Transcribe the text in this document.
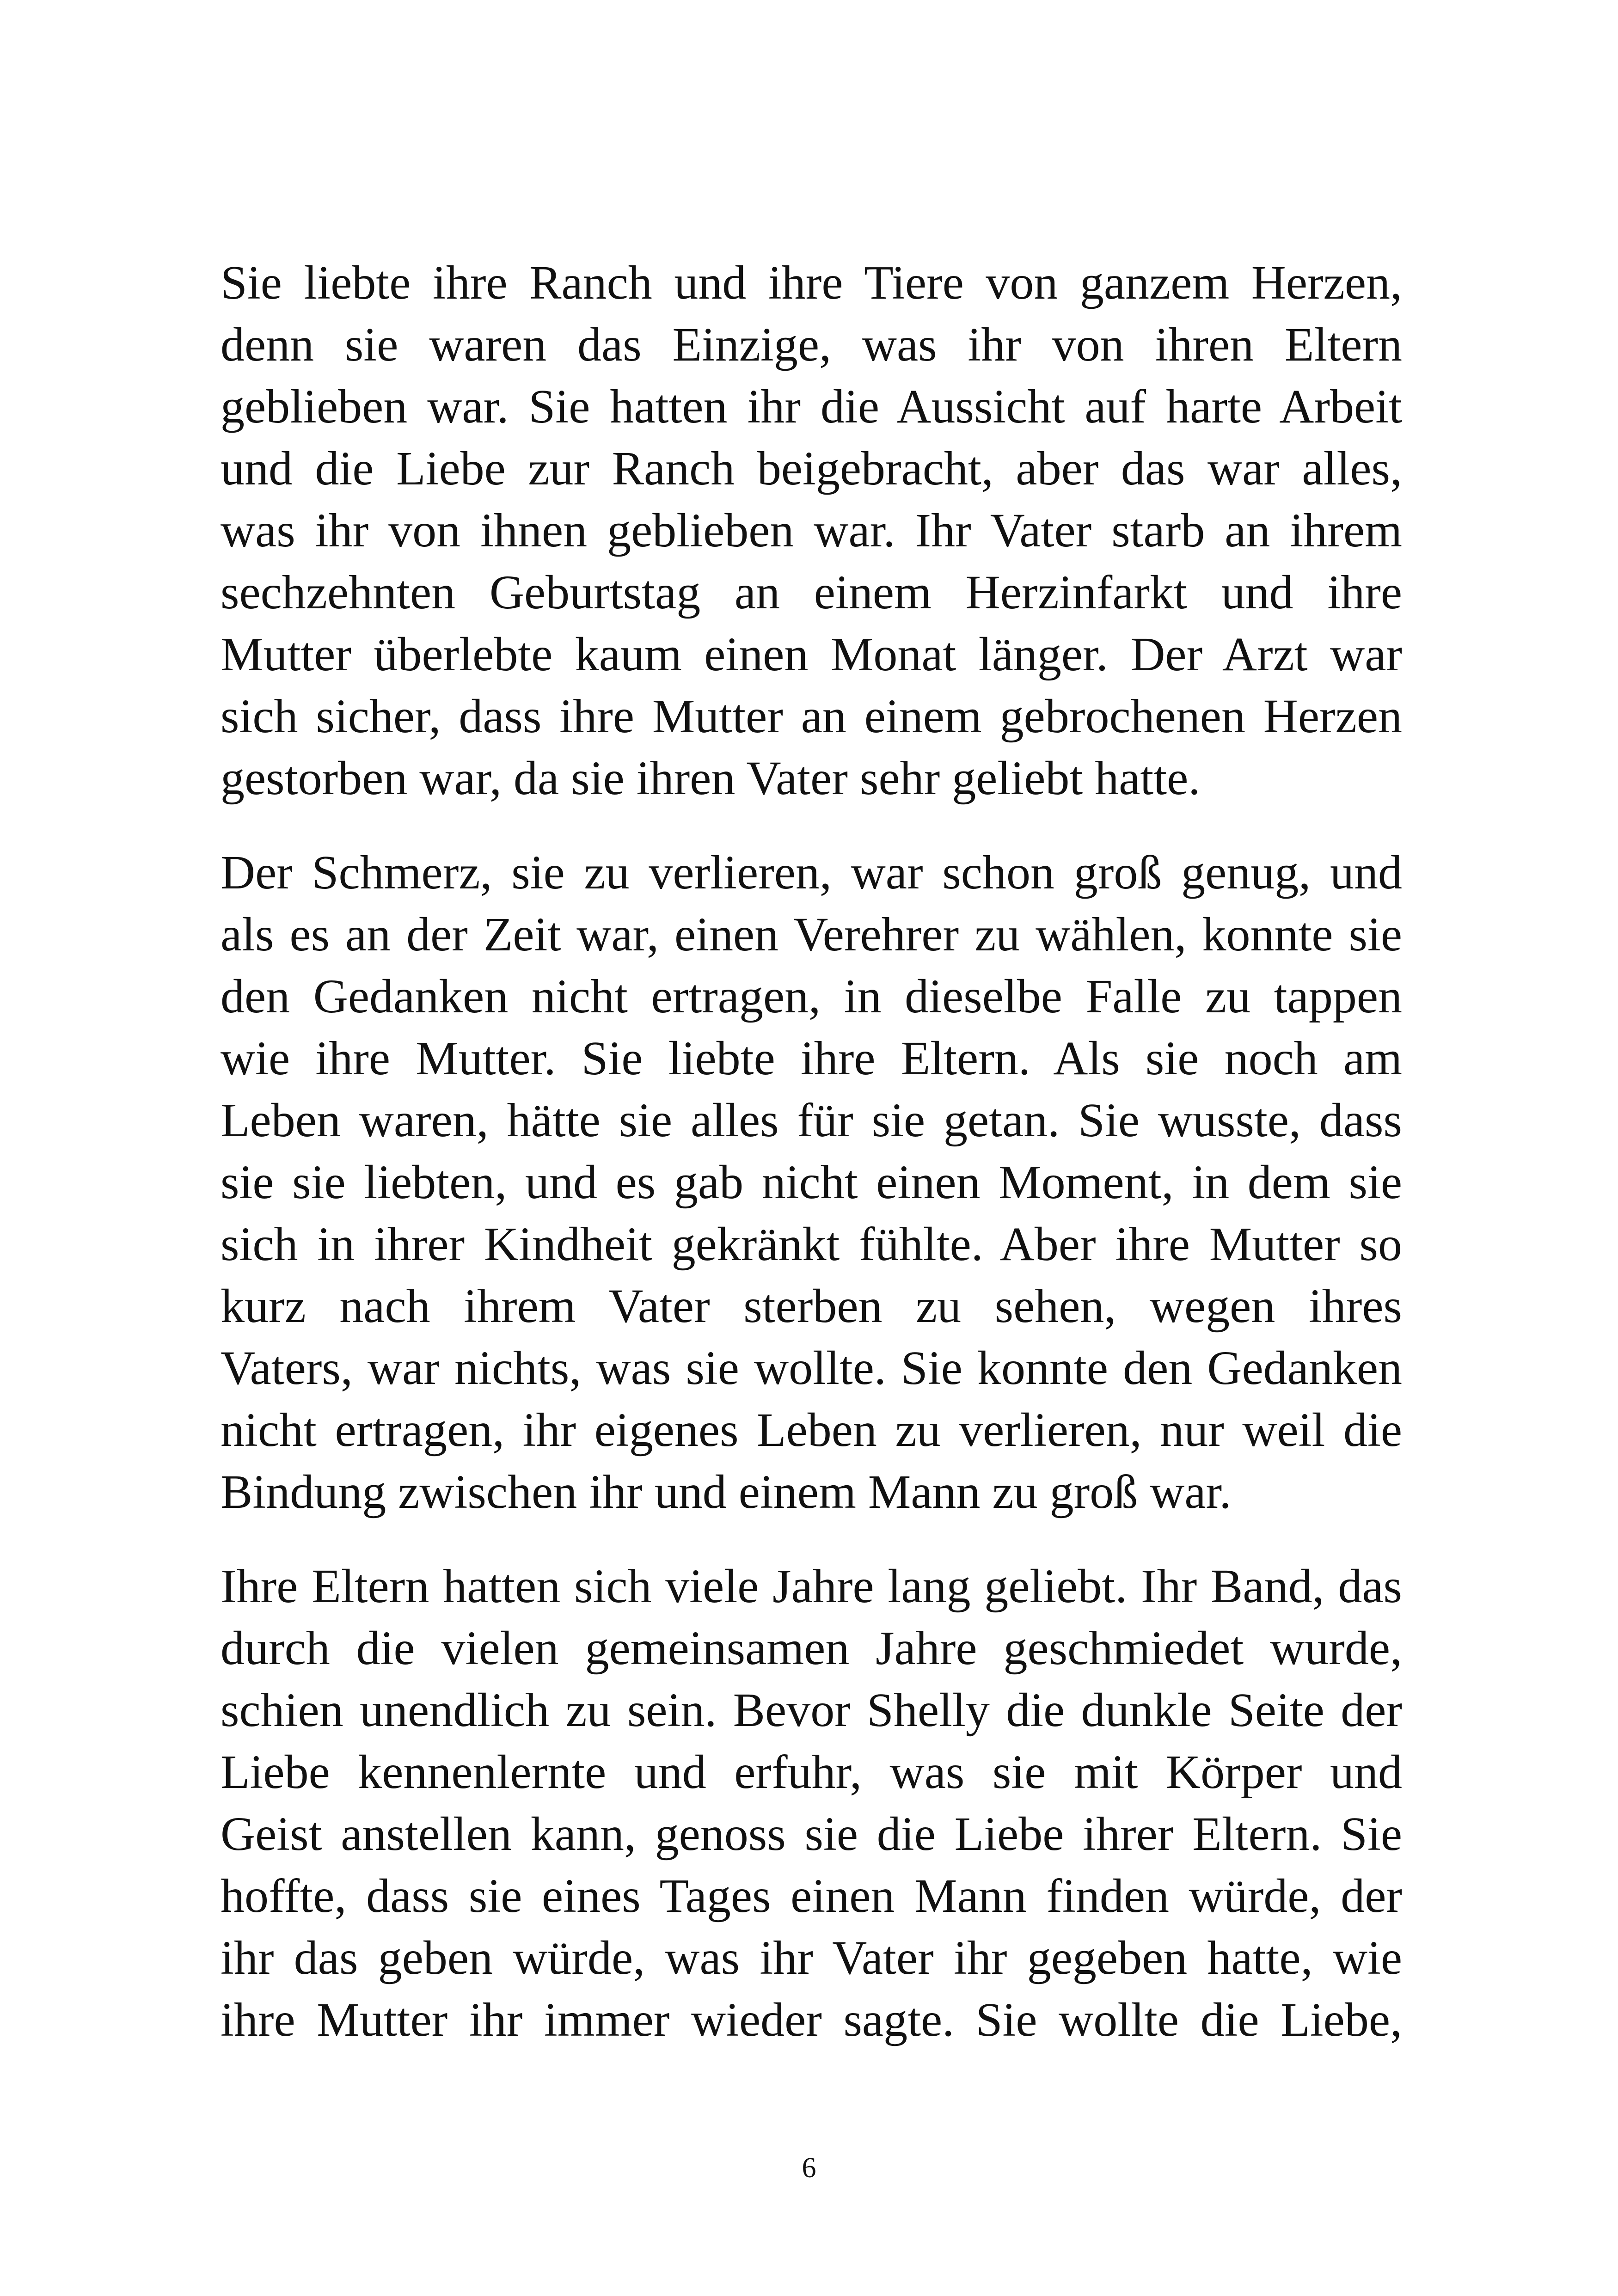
Sie liebte ihre Ranch und ihre Tiere von ganzem Herzen,
denn sie waren das Einzige, was ihr von ihren Eltern
geblieben war. Sie hatten ihr die Aussicht auf harte Arbeit
und die Liebe zur Ranch beigebracht, aber das war alles,
was ihr von ihnen geblieben war. Ihr Vater starb an ihrem
sechzehnten Geburtstag an einem Herzinfarkt und ihre
Mutter überlebte kaum einen Monat länger. Der Arzt war
sich sicher, dass ihre Mutter an einem gebrochenen Herzen
gestorben war, da sie ihren Vater sehr geliebt hatte.
Der Schmerz, sie zu verlieren, war schon groß genug, und
als es an der Zeit war, einen Verehrer zu wählen, konnte sie
den Gedanken nicht ertragen, in dieselbe Falle zu tappen
wie ihre Mutter. Sie liebte ihre Eltern. Als sie noch am
Leben waren, hätte sie alles für sie getan. Sie wusste, dass
sie sie liebten, und es gab nicht einen Moment, in dem sie
sich in ihrer Kindheit gekränkt fühlte. Aber ihre Mutter so
kurz nach ihrem Vater sterben zu sehen, wegen ihres
Vaters, war nichts, was sie wollte. Sie konnte den Gedanken
nicht ertragen, ihr eigenes Leben zu verlieren, nur weil die
Bindung zwischen ihr und einem Mann zu groß war.
Ihre Eltern hatten sich viele Jahre lang geliebt. Ihr Band, das
durch die vielen gemeinsamen Jahre geschmiedet wurde,
schien unendlich zu sein. Bevor Shelly die dunkle Seite der
Liebe kennenlernte und erfuhr, was sie mit Körper und
Geist anstellen kann, genoss sie die Liebe ihrer Eltern. Sie
hoffte, dass sie eines Tages einen Mann finden würde, der
ihr das geben würde, was ihr Vater ihr gegeben hatte, wie
ihre Mutter ihr immer wieder sagte. Sie wollte die Liebe,
6
